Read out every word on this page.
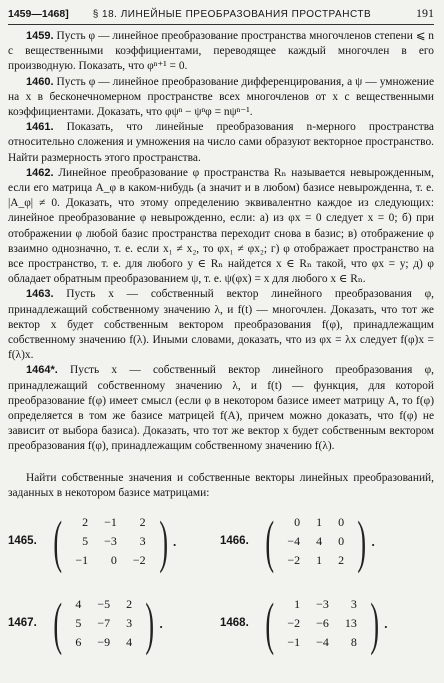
1459—1468] § 18. ЛИНЕЙНЫЕ ПРЕОБРАЗОВАНИЯ ПРОСТРАНСТВ	191

1459. Пусть φ — линейное преобразование пространства многочленов степени ⩽ n с вещественными коэффициентами, переводящее каждый многочлен в его производную. Показать, что φⁿ⁺¹ = 0.

1460. Пусть φ — линейное преобразование дифференцирования, а ψ — умножение на x в бесконечномерном пространстве всех многочленов от x с вещественными коэффициентами. Доказать, что φψⁿ − ψⁿφ = nψⁿ⁻¹.

1461. Показать, что линейные преобразования n-мерного пространства относительно сложения и умножения на число сами образуют векторное пространство. Найти размерность этого пространства.

1462. Линейное преобразование φ пространства Rₙ называется невырожденным, если его матрица A_φ в каком-нибудь (а значит и в любом) базисе невырожденна, т. е. |A_φ| ≠ 0. Доказать, что этому определению эквивалентно каждое из следующих: линейное преобразование φ невырожденно, если: а) из φx = 0 следует x = 0; б) при отображении φ любой базис пространства переходит снова в базис; в) отображение φ взаимно однозначно, т. е. если x₁ ≠ x₂, то φx₁ ≠ φx₂; г) φ отображает пространство на все пространство, т. е. для любого y ∈ Rₙ найдется x ∈ Rₙ такой, что φx = y; д) φ обладает обратным преобразованием ψ, т. е. ψ(φx) = x для любого x ∈ Rₙ.

1463. Пусть x — собственный вектор линейного преобразования φ, принадлежащий собственному значению λ, и f(t) — многочлен. Доказать, что тот же вектор x будет собственным вектором преобразования f(φ), принадлежащим собственному значению f(λ). Иными словами, доказать, что из φx = λx следует f(φ)x = f(λ)x.

1464*. Пусть x — собственный вектор линейного преобразования φ, принадлежащий собственному значению λ, и f(t) — функция, для которой преобразование f(φ) имеет смысл (если φ в некотором базисе имеет матрицу A, то f(φ) определяется в том же базисе матрицей f(A), причем можно доказать, что f(φ) не зависит от выбора базиса). Доказать, что тот же вектор x будет собственным вектором преобразования f(φ), принадлежащим собственному значению f(λ).

Найти собственные значения и собственные векторы линейных преобразований, заданных в некотором базисе матрицами:

1465. ( 2	−1	2
5	−3	3
−1	0	−2 ) .	1466. ( 0	1	0
−4	4	0
−2	1	2 ) .
1467. ( 4	−5	2
5	−7	3
6	−9	4 ) .	1468. ( 1	−3	3
−2	−6	13
−1	−4	8 ) .
